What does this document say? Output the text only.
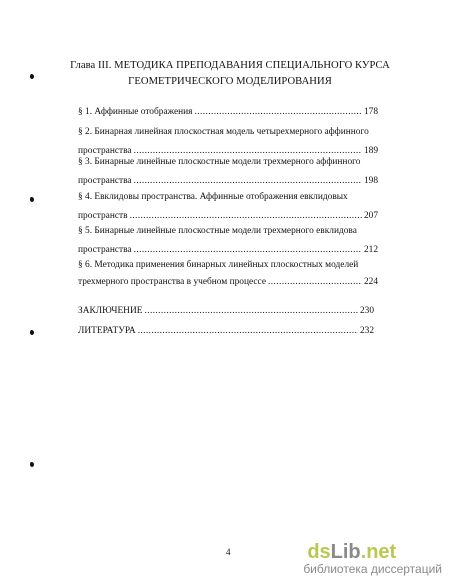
Глава III. МЕТОДИКА ПРЕПОДАВАНИЯ СПЕЦИАЛЬНОГО КУРСА
ГЕОМЕТРИЧЕСКОГО МОДЕЛИРОВАНИЯ
§ 1. Аффинные отображения .....	178
§ 2. Бинарная линейная плоскостная модель четырехмерного аффинного
пространства .....	189
§ 3. Бинарные линейные плоскостные модели трехмерного аффинного
пространства .....	198
§ 4. Евклидовы пространства. Аффинные отображения евклидовых
пространств .....	207
§ 5. Бинарные линейные плоскостные модели трехмерного евклидова
пространства .....	212
§ 6. Методика применения бинарных линейных плоскостных моделей
трехмерного пространства в учебном процессе .....	224
ЗАКЛЮЧЕНИЕ .....	230
ЛИТЕРАТУРА .....	232
4	dsLib.net
библиотека диссертаций
